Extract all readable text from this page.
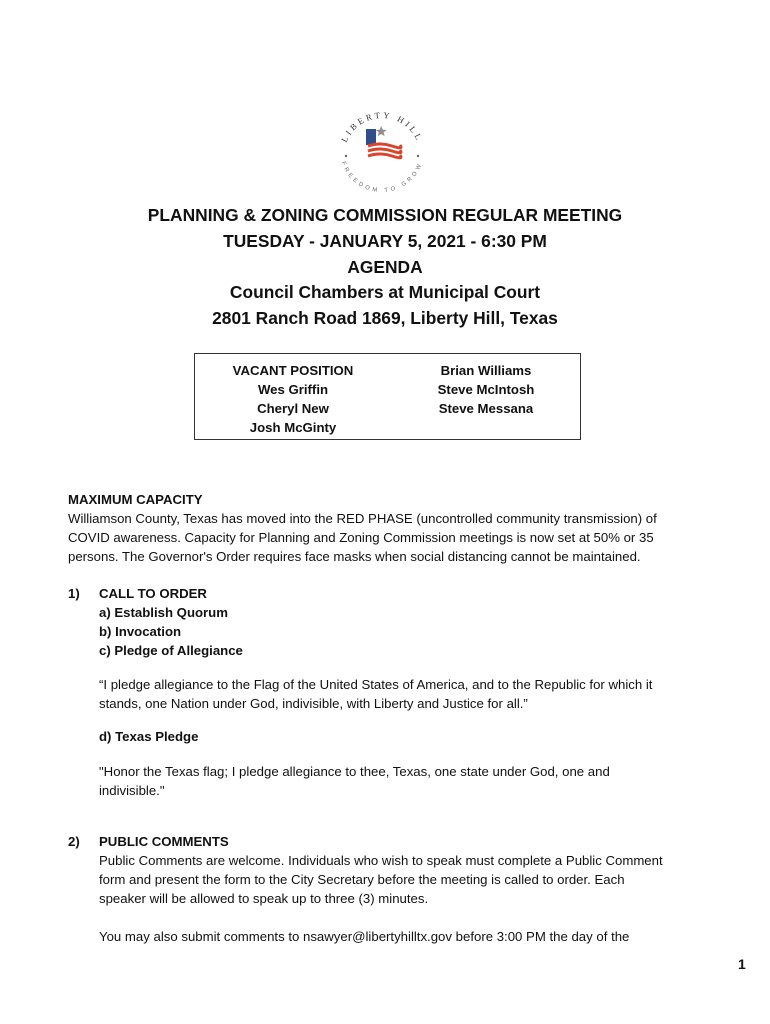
LIBERTY HILL
FREEDOM TO GROW
PLANNING & ZONING COMMISSION REGULAR MEETING
TUESDAY - JANUARY 5, 2021 - 6:30 PM
AGENDA
Council Chambers at Municipal Court
2801 Ranch Road 1869, Liberty Hill, Texas
VACANT POSITION
Wes Griffin
Cheryl New
Josh McGinty
Brian Williams
Steve McIntosh
Steve Messana
MAXIMUM CAPACITY
Williamson County, Texas has moved into the RED PHASE (uncontrolled community transmission) of
COVID awareness. Capacity for Planning and Zoning Commission meetings is now set at 50% or 35
persons. The Governor's Order requires face masks when social distancing cannot be maintained.
1) CALL TO ORDER
a) Establish Quorum
b) Invocation
c) Pledge of Allegiance
“I pledge allegiance to the Flag of the United States of America, and to the Republic for which it
stands, one Nation under God, indivisible, with Liberty and Justice for all.”
d) Texas Pledge
"Honor the Texas flag; I pledge allegiance to thee, Texas, one state under God, one and
indivisible."
2) PUBLIC COMMENTS
Public Comments are welcome. Individuals who wish to speak must complete a Public Comment
form and present the form to the City Secretary before the meeting is called to order. Each
speaker will be allowed to speak up to three (3) minutes.
You may also submit comments to nsawyer@libertyhilltx.gov before 3:00 PM the day of the
1
